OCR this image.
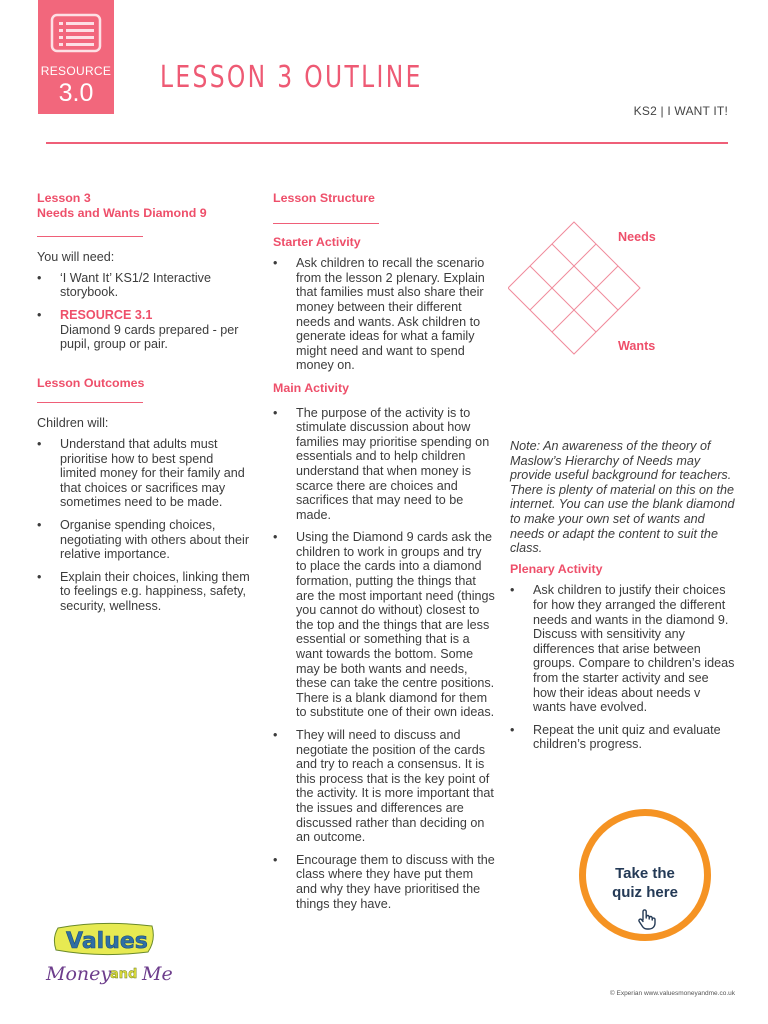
RESOURCE
3.0	LESSON 3 OUTLINE
KS2 | I WANT IT!
Lesson 3
Needs and Wants Diamond 9
You will need:
• ‘I Want It’ KS1/2 Interactive storybook.
• RESOURCE 3.1
Diamond 9 cards prepared - per pupil, group or pair.
Lesson Outcomes
Children will:
• Understand that adults must prioritise how to best spend limited money for their family and that choices or sacrifices may sometimes need to be made.
• Organise spending choices, negotiating with others about their relative importance.
• Explain their choices, linking them to feelings e.g. happiness, safety, security, wellness.
Lesson Structure
Starter Activity
• Ask children to recall the scenario from the lesson 2 plenary. Explain that families must also share their money between their different needs and wants. Ask children to generate ideas for what a family might need and want to spend money on.
Main Activity
• The purpose of the activity is to stimulate discussion about how families may prioritise spending on essentials and to help children understand that when money is scarce there are choices and sacrifices that may need to be made.
• Using the Diamond 9 cards ask the children to work in groups and try to place the cards into a diamond formation, putting the things that are the most important need (things you cannot do without) closest to the top and the things that are less essential or something that is a want towards the bottom. Some may be both wants and needs, these can take the centre positions. There is a blank diamond for them to substitute one of their own ideas.
• They will need to discuss and negotiate the position of the cards and try to reach a consensus. It is this process that is the key point of the activity. It is more important that the issues and differences are discussed rather than deciding on an outcome.
• Encourage them to discuss with the class where they have put them and why they have prioritised the things they have.
Needs
Wants
Note: An awareness of the theory of Maslow’s Hierarchy of Needs may provide useful background for teachers. There is plenty of material on this on the internet. You can use the blank diamond to make your own set of wants and needs or adapt the content to suit the class.
Plenary Activity
• Ask children to justify their choices for how they arranged the different needs and wants in the diamond 9. Discuss with sensitivity any differences that arise between groups. Compare to children’s ideas from the starter activity and see how their ideas about needs v wants have evolved.
• Repeat the unit quiz and evaluate children’s progress.
Take the
quiz here
Values
Money
and Me
© Experian www.valuesmoneyandme.co.uk
